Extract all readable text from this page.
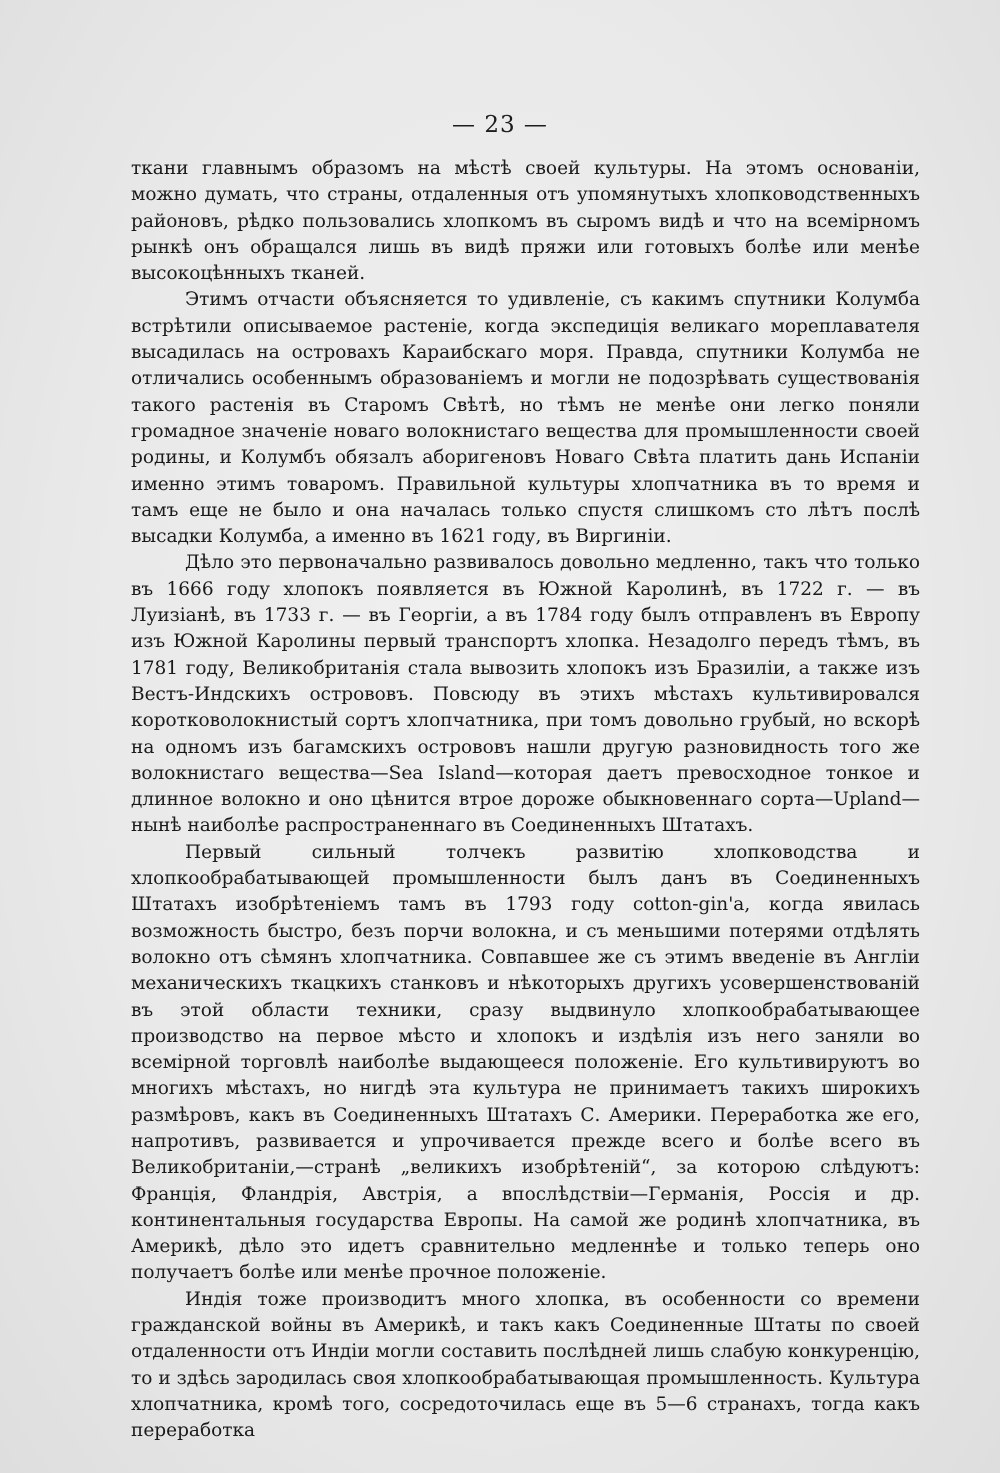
— 23 —

ткани главнымъ образомъ на мѣстѣ своей культуры. На этомъ основанiи, можно думать, что страны, отдаленныя отъ упомянутыхъ хлопководственныхъ районовъ, рѣдко пользовались хлопкомъ въ сыромъ видѣ и что на всемiрномъ рынкѣ онъ обращался лишь въ видѣ пряжи или готовыхъ болѣе или менѣе высокоцѣнныхъ тканей.

Этимъ отчасти объясняется то удивленiе, съ какимъ спутники Колумба встрѣтили описываемое растенiе, когда экспедицiя великаго мореплавателя высадилась на островахъ Караибскаго моря. Правда, спутники Колумба не отличались особеннымъ образованiемъ и могли не подозрѣвать существованiя такого растенiя въ Старомъ Свѣтѣ, но тѣмъ не менѣе они легко поняли громадное значенiе новаго волокнистаго вещества для промышленности своей родины, и Колумбъ обязалъ аборигеновъ Новаго Свѣта платить дань Испанiи именно этимъ товаромъ. Правильной культуры хлопчатника въ то время и тамъ еще не было и она началась только спустя слишкомъ сто лѣтъ послѣ высадки Колумба, а именно въ 1621 году, въ Виргинiи.

Дѣло это первоначально развивалось довольно медленно, такъ что только въ 1666 году хлопокъ появляется въ Южной Каролинѣ, въ 1722 г. — въ Луизiанѣ, въ 1733 г. — въ Георгiи, а въ 1784 году былъ отправленъ въ Европу изъ Южной Каролины первый транспортъ хлопка. Незадолго передъ тѣмъ, въ 1781 году, Великобританiя стала вывозить хлопокъ изъ Бразилiи, а также изъ Вестъ-Индскихъ острововъ. Повсюду въ этихъ мѣстахъ культивировался коротковолокнистый сортъ хлопчатника, при томъ довольно грубый, но вскорѣ на одномъ изъ багамскихъ острововъ нашли другую разновидность того же волокнистаго вещества—Sea Island—которая даетъ превосходное тонкое и длинное волокно и оно цѣнится втрое дороже обыкновеннаго сорта—Upland—нынѣ наиболѣе распространеннаго въ Соединенныхъ Штатахъ.

Первый сильный толчекъ развитiю хлопководства и хлопкообрабатывающей промышленности былъ данъ въ Соединенныхъ Штатахъ изобрѣтенiемъ тамъ въ 1793 году cotton-gin'a, когда явилась возможность быстро, безъ порчи волокна, и съ меньшими потерями отдѣлять волокно отъ сѣмянъ хлопчатника. Совпавшее же съ этимъ введенiе въ Англiи механическихъ ткацкихъ станковъ и нѣкоторыхъ другихъ усовершенствованiй въ этой области техники, сразу выдвинуло хлопкообрабатывающее производство на первое мѣсто и хлопокъ и издѣлiя изъ него заняли во всемiрной торговлѣ наиболѣе выдающееся положенiе. Его культивируютъ во многихъ мѣстахъ, но нигдѣ эта культура не принимаетъ такихъ широкихъ размѣровъ, какъ въ Соединенныхъ Штатахъ С. Америки. Переработка же его, напротивъ, развивается и упрочивается прежде всего и болѣе всего въ Великобританiи,—странѣ „великихъ изобрѣтенiй“, за которою слѣдуютъ: Францiя, Фландрiя, Австрiя, а впослѣдствiи—Германiя, Россiя и др. континентальныя государства Европы. На самой же родинѣ хлопчатника, въ Америкѣ, дѣло это идетъ сравнительно медленнѣе и только теперь оно получаетъ болѣе или менѣе прочное положенiе.

Индiя тоже производитъ много хлопка, въ особенности со времени гражданской войны въ Америкѣ, и такъ какъ Соединенные Штаты по своей отдаленности отъ Индiи могли составить послѣдней лишь слабую конкуренцiю, то и здѣсь зародилась своя хлопкообрабатывающая промышленность. Культура хлопчатника, кромѣ того, сосредоточилась еще въ 5—6 странахъ, тогда какъ переработка
